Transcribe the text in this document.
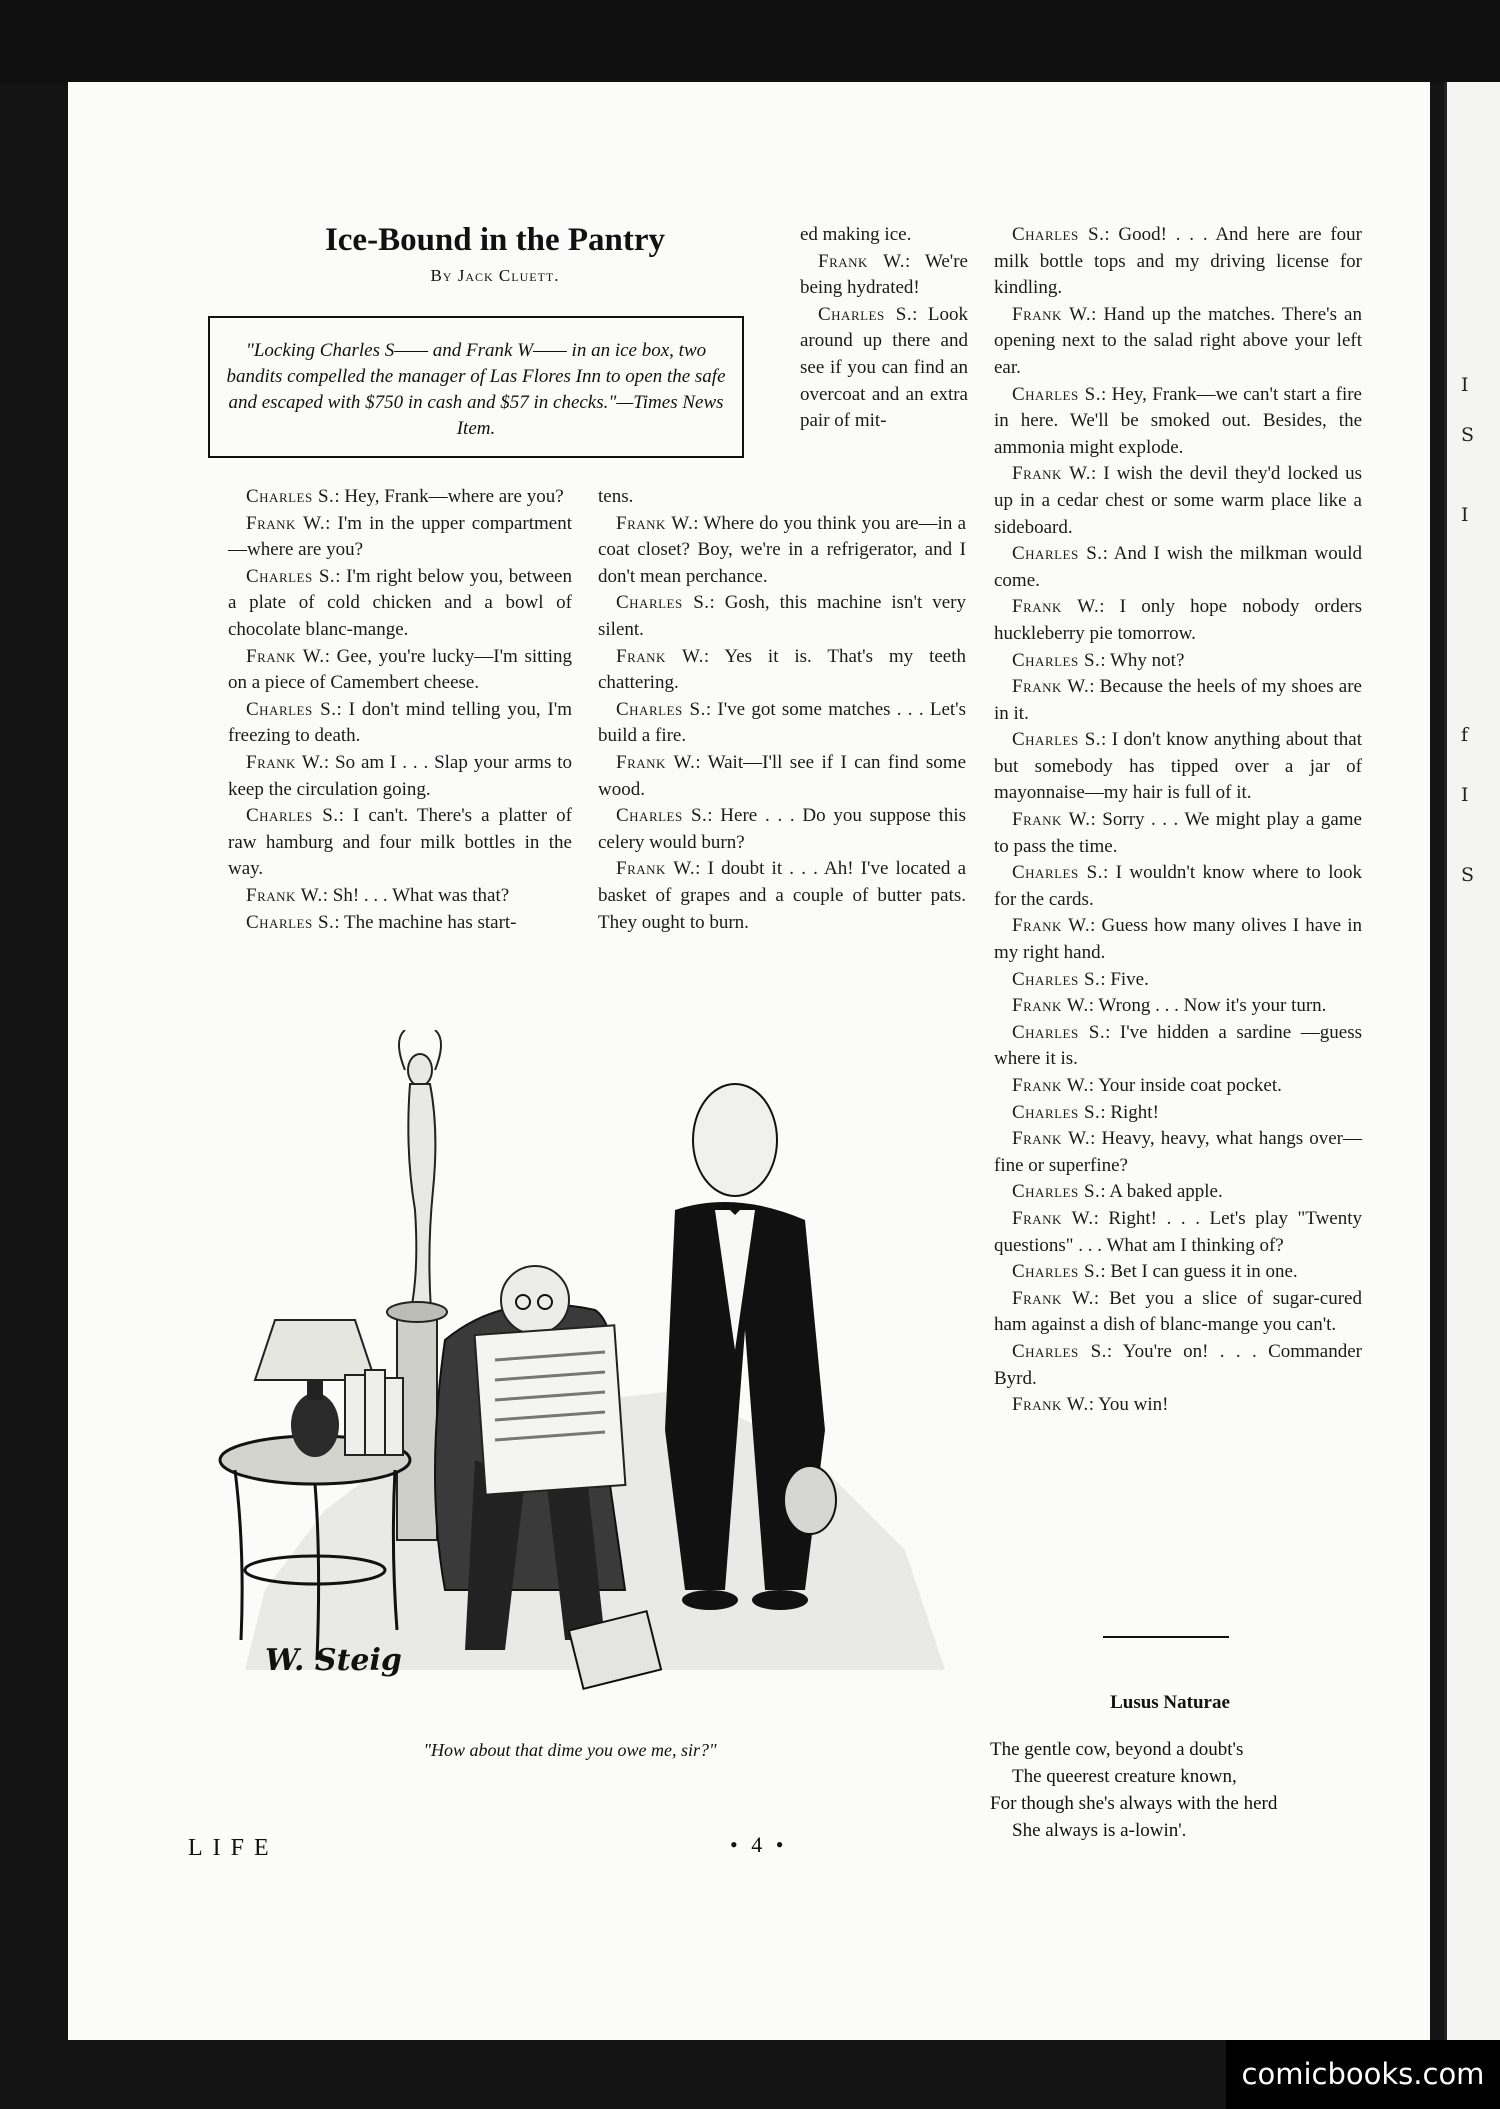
I
S
I
f
I
S
Ice-Bound in the Pantry
By Jack Cluett.
"Locking Charles S—— and Frank W—— in an ice box, two bandits compelled the manager of Las Flores Inn to open the safe and escaped with $750 in cash and $57 in checks."—Times News Item.

ed making ice.

Frank W.: We're being hydrated!

Charles S.: Look around up there and see if you can find an overcoat and an extra pair of mit-

Charles S.: Hey, Frank—where are you?

Frank W.: I'm in the upper compartment—where are you?

Charles S.: I'm right below you, between a plate of cold chicken and a bowl of chocolate blanc-mange.

Frank W.: Gee, you're lucky—I'm sitting on a piece of Camembert cheese.

Charles S.: I don't mind telling you, I'm freezing to death.

Frank W.: So am I . . . Slap your arms to keep the circulation going.

Charles S.: I can't. There's a platter of raw hamburg and four milk bottles in the way.

Frank W.: Sh! . . . What was that?

Charles S.: The machine has start-

tens.

Frank W.: Where do you think you are—in a coat closet? Boy, we're in a refrigerator, and I don't mean perchance.

Charles S.: Gosh, this machine isn't very silent.

Frank W.: Yes it is. That's my teeth chattering.

Charles S.: I've got some matches . . . Let's build a fire.

Frank W.: Wait—I'll see if I can find some wood.

Charles S.: Here . . . Do you suppose this celery would burn?

Frank W.: I doubt it . . . Ah! I've located a basket of grapes and a couple of butter pats. They ought to burn.

Charles S.: Good! . . . And here are four milk bottle tops and my driving license for kindling.

Frank W.: Hand up the matches. There's an opening next to the salad right above your left ear.

Charles S.: Hey, Frank—we can't start a fire in here. We'll be smoked out. Besides, the ammonia might explode.

Frank W.: I wish the devil they'd locked us up in a cedar chest or some warm place like a sideboard.

Charles S.: And I wish the milkman would come.

Frank W.: I only hope nobody orders huckleberry pie tomorrow.

Charles S.: Why not?

Frank W.: Because the heels of my shoes are in it.

Charles S.: I don't know anything about that but somebody has tipped over a jar of mayonnaise—my hair is full of it.

Frank W.: Sorry . . . We might play a game to pass the time.

Charles S.: I wouldn't know where to look for the cards.

Frank W.: Guess how many olives I have in my right hand.

Charles S.: Five.

Frank W.: Wrong . . . Now it's your turn.

Charles S.: I've hidden a sardine —guess where it is.

Frank W.: Your inside coat pocket.

Charles S.: Right!

Frank W.: Heavy, heavy, what hangs over—fine or superfine?

Charles S.: A baked apple.

Frank W.: Right! . . . Let's play "Twenty questions" . . . What am I thinking of?

Charles S.: Bet I can guess it in one.

Frank W.: Bet you a slice of sugar-cured ham against a dish of blanc-mange you can't.

Charles S.: You're on! . . . Commander Byrd.

Frank W.: You win!

W. Steig
"How about that dime you owe me, sir?"
Lusus Naturae
The gentle cow, beyond a doubt's
The queerest creature known,
For though she's always with the herd
She always is a-lowin'.
LIFE	• 4 •
comicbooks.com
